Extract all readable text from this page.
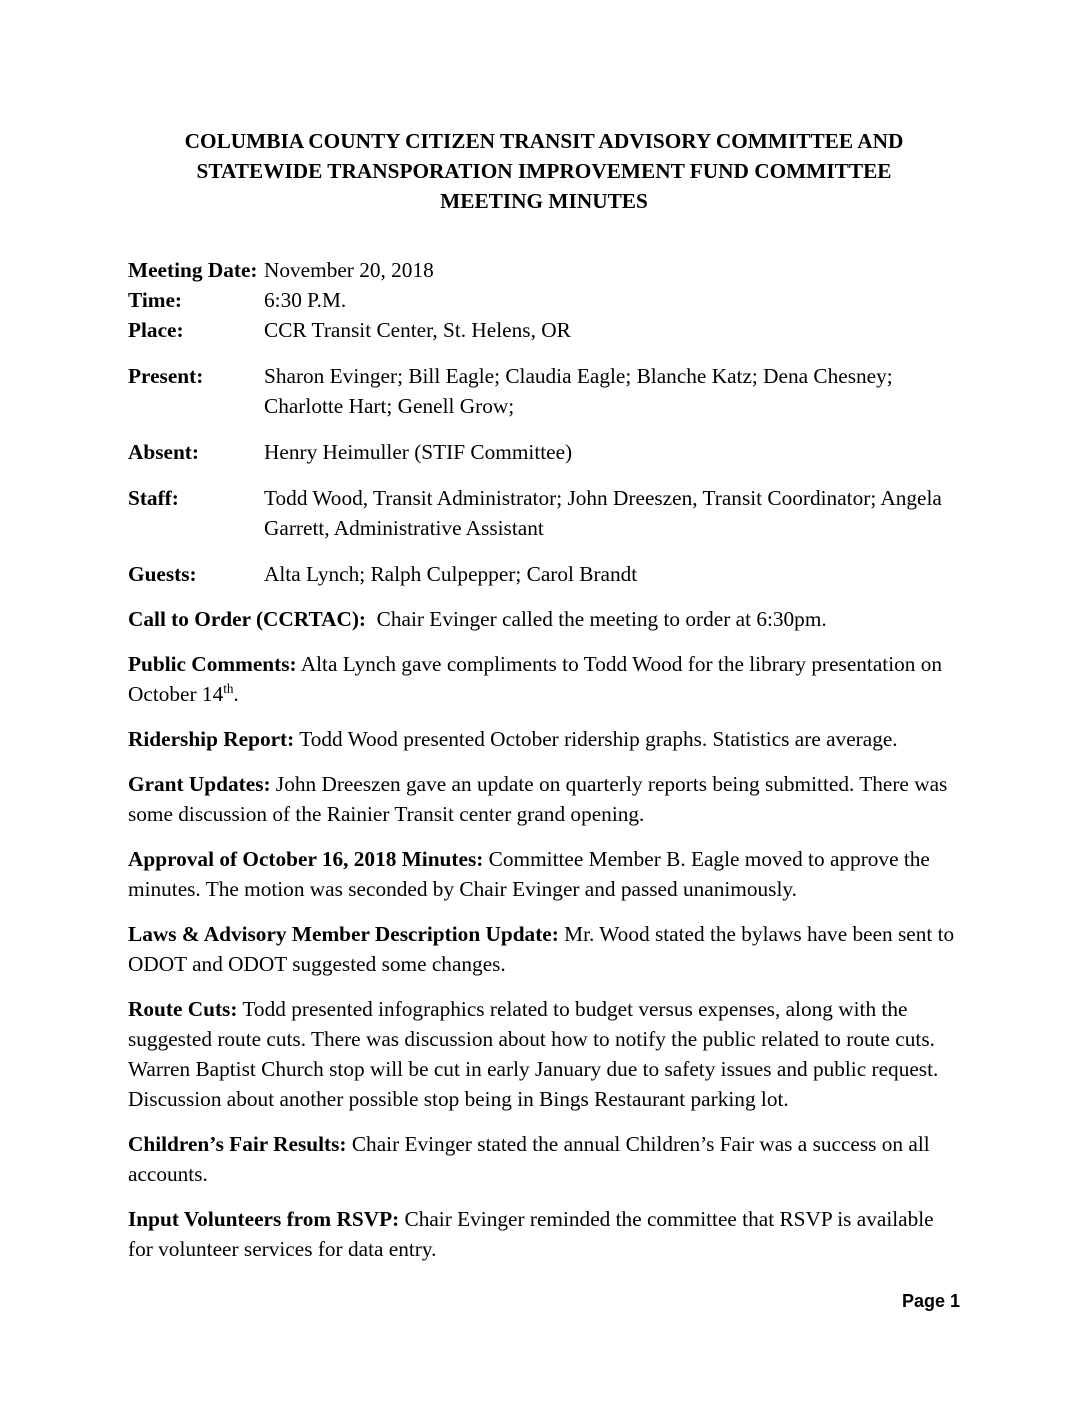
COLUMBIA COUNTY CITIZEN TRANSIT ADVISORY COMMITTEE AND
STATEWIDE TRANSPORATION IMPROVEMENT FUND COMMITTEE
MEETING MINUTES
Meeting Date: November 20, 2018
Time:	6:30 P.M.
Place:	CCR Transit Center, St. Helens, OR
Present:	Sharon Evinger; Bill Eagle; Claudia Eagle; Blanche Katz; Dena Chesney; Charlotte Hart; Genell Grow;
Absent:	Henry Heimuller (STIF Committee)
Staff:	Todd Wood, Transit Administrator; John Dreeszen, Transit Coordinator; Angela Garrett, Administrative Assistant
Guests:	Alta Lynch; Ralph Culpepper; Carol Brandt

Call to Order (CCRTAC):  Chair Evinger called the meeting to order at 6:30pm.

Public Comments: Alta Lynch gave compliments to Todd Wood for the library presentation on October 14th.

Ridership Report: Todd Wood presented October ridership graphs. Statistics are average.

Grant Updates: John Dreeszen gave an update on quarterly reports being submitted. There was some discussion of the Rainier Transit center grand opening.

Approval of October 16, 2018 Minutes: Committee Member B. Eagle moved to approve the minutes. The motion was seconded by Chair Evinger and passed unanimously.

Laws & Advisory Member Description Update: Mr. Wood stated the bylaws have been sent to ODOT and ODOT suggested some changes.

Route Cuts: Todd presented infographics related to budget versus expenses, along with the suggested route cuts. There was discussion about how to notify the public related to route cuts. Warren Baptist Church stop will be cut in early January due to safety issues and public request. Discussion about another possible stop being in Bings Restaurant parking lot.

Children’s Fair Results: Chair Evinger stated the annual Children’s Fair was a success on all accounts.

Input Volunteers from RSVP: Chair Evinger reminded the committee that RSVP is available for volunteer services for data entry.

Page 1
